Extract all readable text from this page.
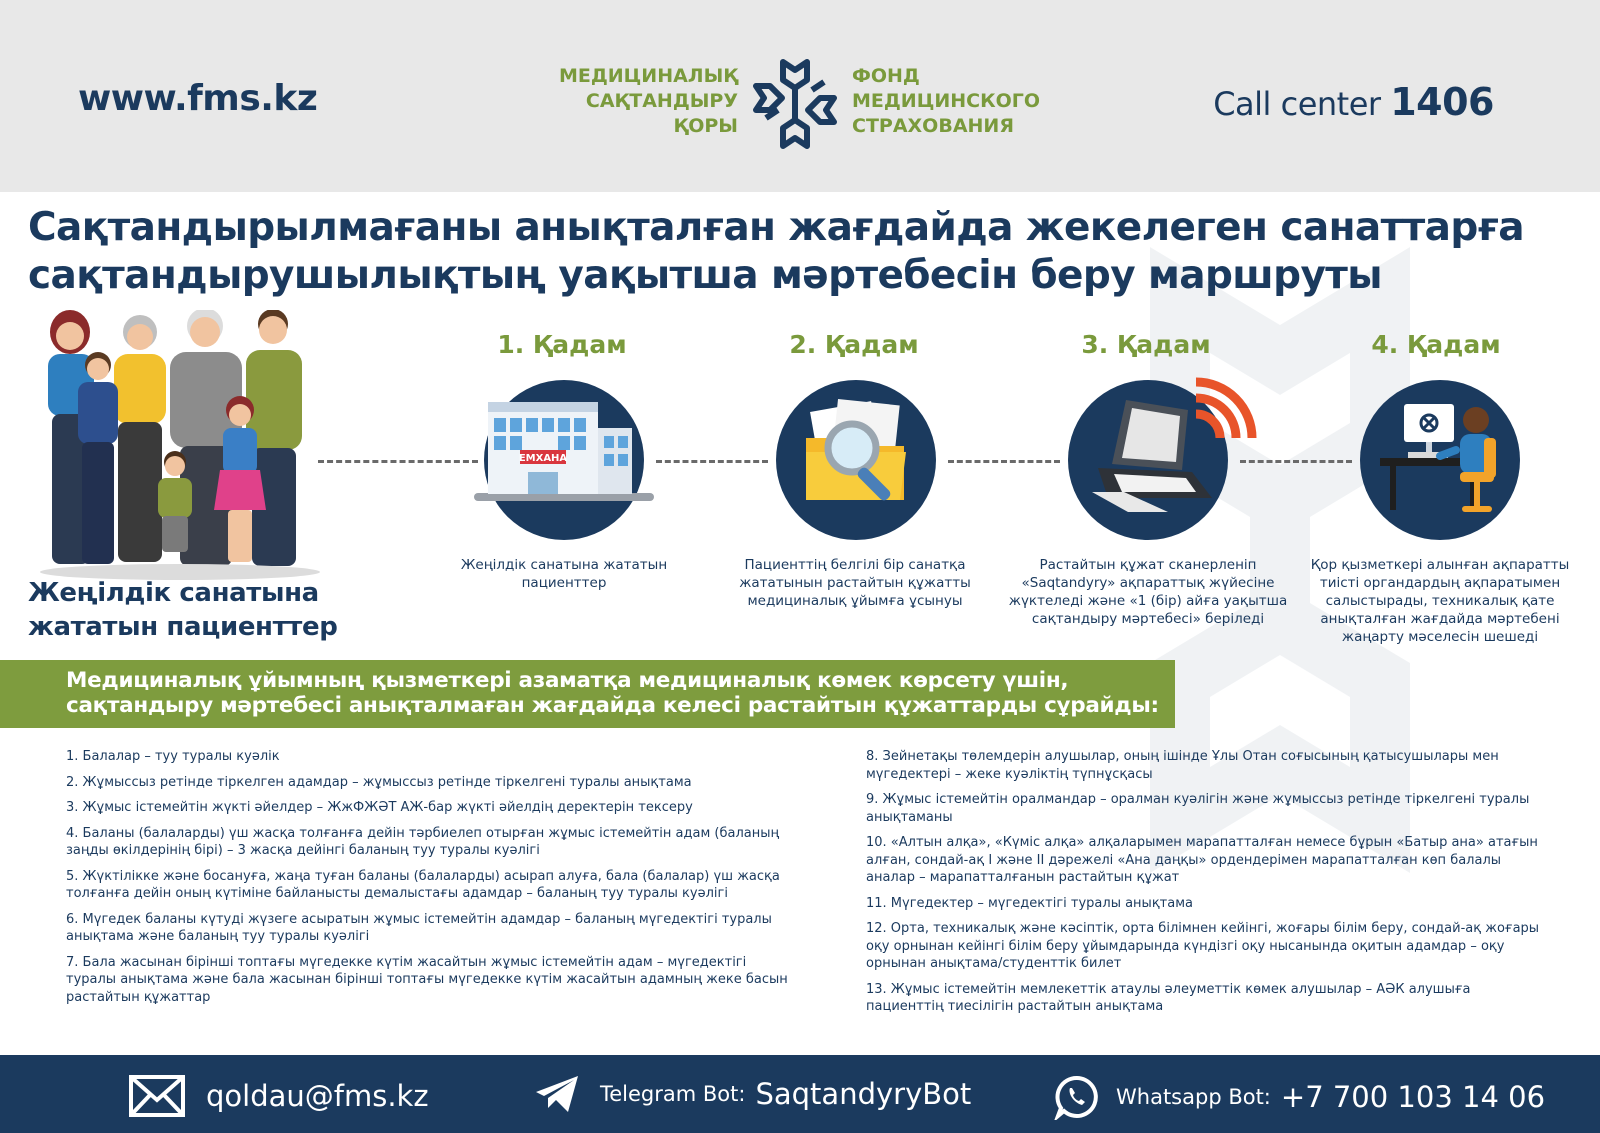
www.fms.kz
МЕДИЦИНАЛЫҚ
САҚТАНДЫРУ
ҚОРЫ
ФОНД
МЕДИЦИНСКОГО
СТРАХОВАНИЯ
Call center 1406
Сақтандырылмағаны анықталған жағдайда жекелеген санаттарға
сақтандырушылықтың уақытша мәртебесін беру маршруты
Жеңілдік санатына
жататын пациенттер
1. Қадам
ЕМХАНА
Жеңілдік санатына жататын
пациенттер
2. Қадам
Пациенттің белгілі бір санатқа
жататынын растайтын құжатты
медициналық ұйымға ұсынуы
3. Қадам
Растайтын құжат сканерленіп
«Saqtandyry» ақпараттық жүйесіне
жүктеледі және «1 (бір) айға уақытша
сақтандыру мәртебесі» беріледі
4. Қадам
Қор қызметкері алынған ақпаратты
тиісті органдардың ақпаратымен
салыстырады, техникалық қате
анықталған жағдайда мәртебені
жаңарту мәселесін шешеді
Медициналық ұйымның қызметкері азаматқа медициналық көмек көрсету үшін,
сақтандыру мәртебесі анықталмаған жағдайда келесі растайтын құжаттарды сұрайды:
1. Балалар – туу туралы куәлік
2. Жұмыссыз ретінде тіркелген адамдар – жұмыссыз ретінде тіркелгені туралы анықтама
3. Жұмыс істемейтін жүкті әйелдер – ЖжФЖӘТ АЖ-бар жүкті әйелдің деректерін тексеру
4. Баланы (балаларды) үш жасқа толғанға дейін тәрбиелеп отырған жұмыс істемейтін адам (баланың заңды өкілдерінің бірі) – 3 жасқа дейінгі баланың туу туралы куәлігі
5. Жүктілікке және босануға, жаңа туған баланы (балаларды) асырап алуға, бала (балалар) үш жасқа толғанға дейін оның күтіміне байланысты демалыстағы адамдар – баланың туу туралы куәлігі
6. Мүгедек баланы күтуді жүзеге асыратын жұмыс істемейтін адамдар – баланың мүгедектігі туралы анықтама және баланың туу туралы куәлігі
7. Бала жасынан бірінші топтағы мүгедекке күтім жасайтын жұмыс істемейтін адам – мүгедектігі туралы анықтама және бала жасынан бірінші топтағы мүгедекке күтім жасайтын адамның жеке басын растайтын құжаттар
8. Зейнетақы төлемдерін алушылар, оның ішінде Ұлы Отан соғысының қатысушылары мен мүгедектері – жеке куәліктің түпнұсқасы
9. Жұмыс істемейтін оралмандар – оралман куәлігін және жұмыссыз ретінде тіркелгені туралы анықтаманы
10. «Алтын алқа», «Күміс алқа» алқаларымен марапатталған немесе бұрын «Батыр ана» атағын алған, сондай-ақ I және II дәрежелі «Ана даңқы» ордендерімен марапатталған көп балалы аналар – марапатталғанын растайтын құжат
11. Мүгедектер – мүгедектігі туралы анықтама
12. Орта, техникалық және кәсіптік, орта білімнен кейінгі, жоғары білім беру, сондай-ақ жоғары оқу орнынан кейінгі білім беру ұйымдарында күндізгі оқу нысанында оқитын адамдар – оқу орнынан анықтама/студенттік билет
13. Жұмыс істемейтін мемлекеттік атаулы әлеуметтік көмек алушылар – АӘК алушыға пациенттің тиесілігін растайтын анықтама
qoldau@fms.kz	Telegram Bot: SaqtandyryBot	Whatsapp Bot: +7 700 103 14 06
